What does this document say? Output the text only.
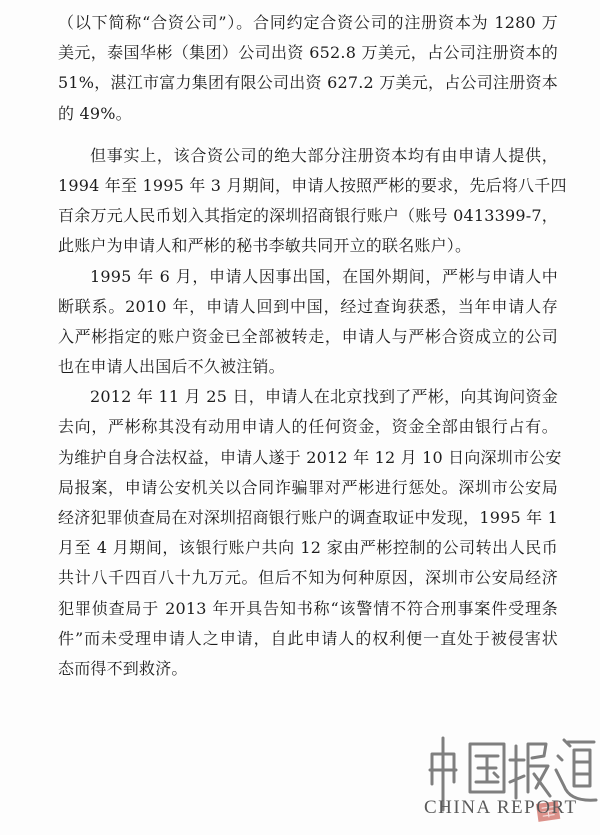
（以下简称“合资公司”）。合同约定合资公司的注册资本为 1280 万
美元，泰国华彬（集团）公司出资 652.8 万美元，占公司注册资本的
51%，湛江市富力集团有限公司出资 627.2 万美元，占公司注册资本
的 49%。
但事实上，该合资公司的绝大部分注册资本均有由申请人提供，
1994 年至 1995 年 3 月期间，申请人按照严彬的要求，先后将八千四
百余万元人民币划入其指定的深圳招商银行账户（账号 0413399-7，
此账户为申请人和严彬的秘书李敏共同开立的联名账户）。
1995 年 6 月，申请人因事出国，在国外期间，严彬与申请人中
断联系。2010 年，申请人回到中国，经过查询获悉，当年申请人存
入严彬指定的账户资金已全部被转走，申请人与严彬合资成立的公司
也在申请人出国后不久被注销。
2012 年 11 月 25 日，申请人在北京找到了严彬，向其询问资金
去向，严彬称其没有动用申请人的任何资金，资金全部由银行占有。
为维护自身合法权益，申请人遂于 2012 年 12 月 10 日向深圳市公安
局报案，申请公安机关以合同诈骗罪对严彬进行惩处。深圳市公安局
经济犯罪侦查局在对深圳招商银行账户的调查取证中发现，1995 年 1
月至 4 月期间，该银行账户共向 12 家由严彬控制的公司转出人民币
共计八千四百八十九万元。但后不知为何种原因，深圳市公安局经济
犯罪侦查局于 2013 年开具告知书称“该警情不符合刑事案件受理条
件”而未受理申请人之申请，自此申请人的权利便一直处于被侵害状
态而得不到救济。
CHINA REPORT
